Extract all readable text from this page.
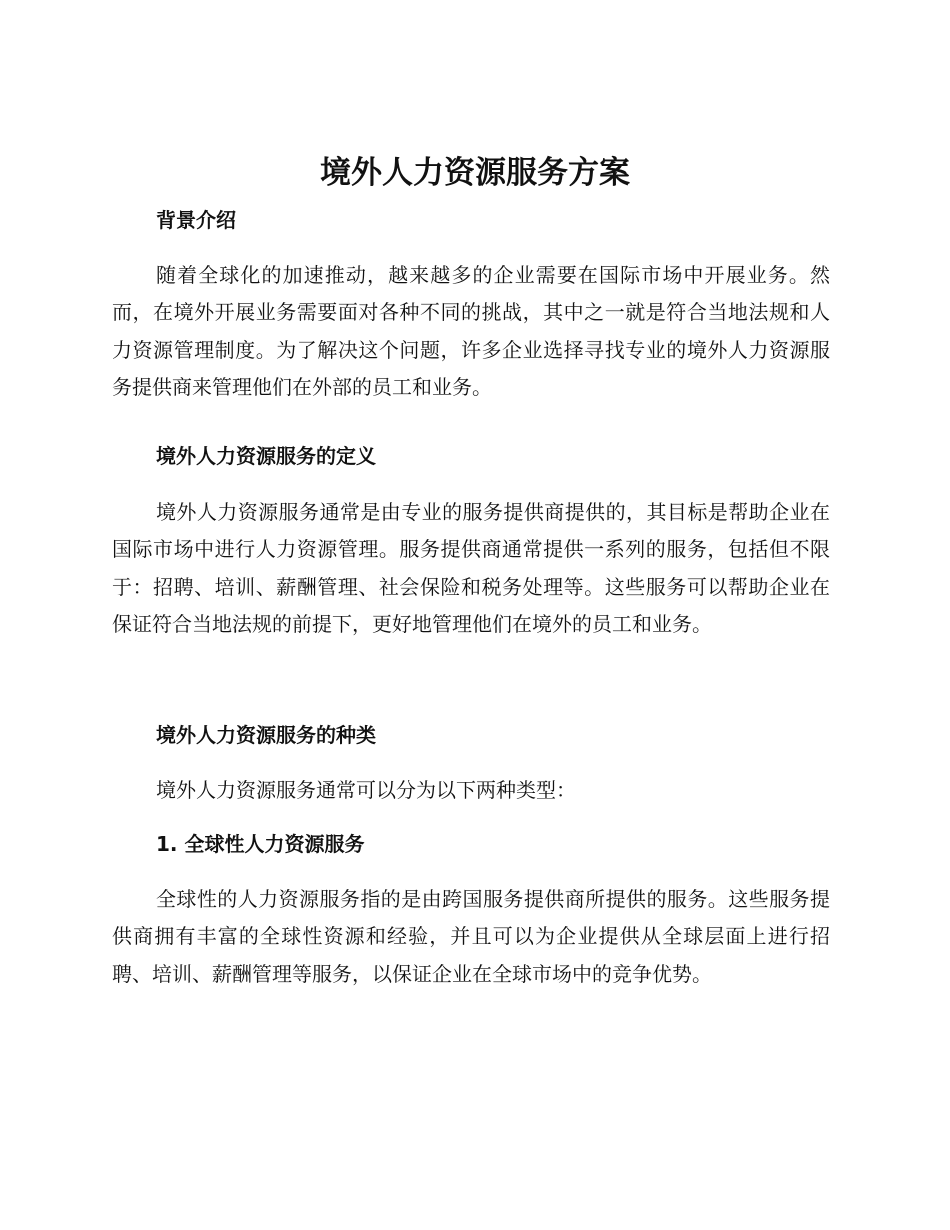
境外人力资源服务方案
背景介绍

随着全球化的加速推动，越来越多的企业需要在国际市场中开展业务。然而，在境外开展业务需要面对各种不同的挑战，其中之一就是符合当地法规和人力资源管理制度。为了解决这个问题，许多企业选择寻找专业的境外人力资源服务提供商来管理他们在外部的员工和业务。

境外人力资源服务的定义

境外人力资源服务通常是由专业的服务提供商提供的，其目标是帮助企业在国际市场中进行人力资源管理。服务提供商通常提供一系列的服务，包括但不限于：招聘、培训、薪酬管理、社会保险和税务处理等。这些服务可以帮助企业在保证符合当地法规的前提下，更好地管理他们在境外的员工和业务。

境外人力资源服务的种类

境外人力资源服务通常可以分为以下两种类型：

1. 全球性人力资源服务

全球性的人力资源服务指的是由跨国服务提供商所提供的服务。这些服务提供商拥有丰富的全球性资源和经验，并且可以为企业提供从全球层面上进行招聘、培训、薪酬管理等服务，以保证企业在全球市场中的竞争优势。
